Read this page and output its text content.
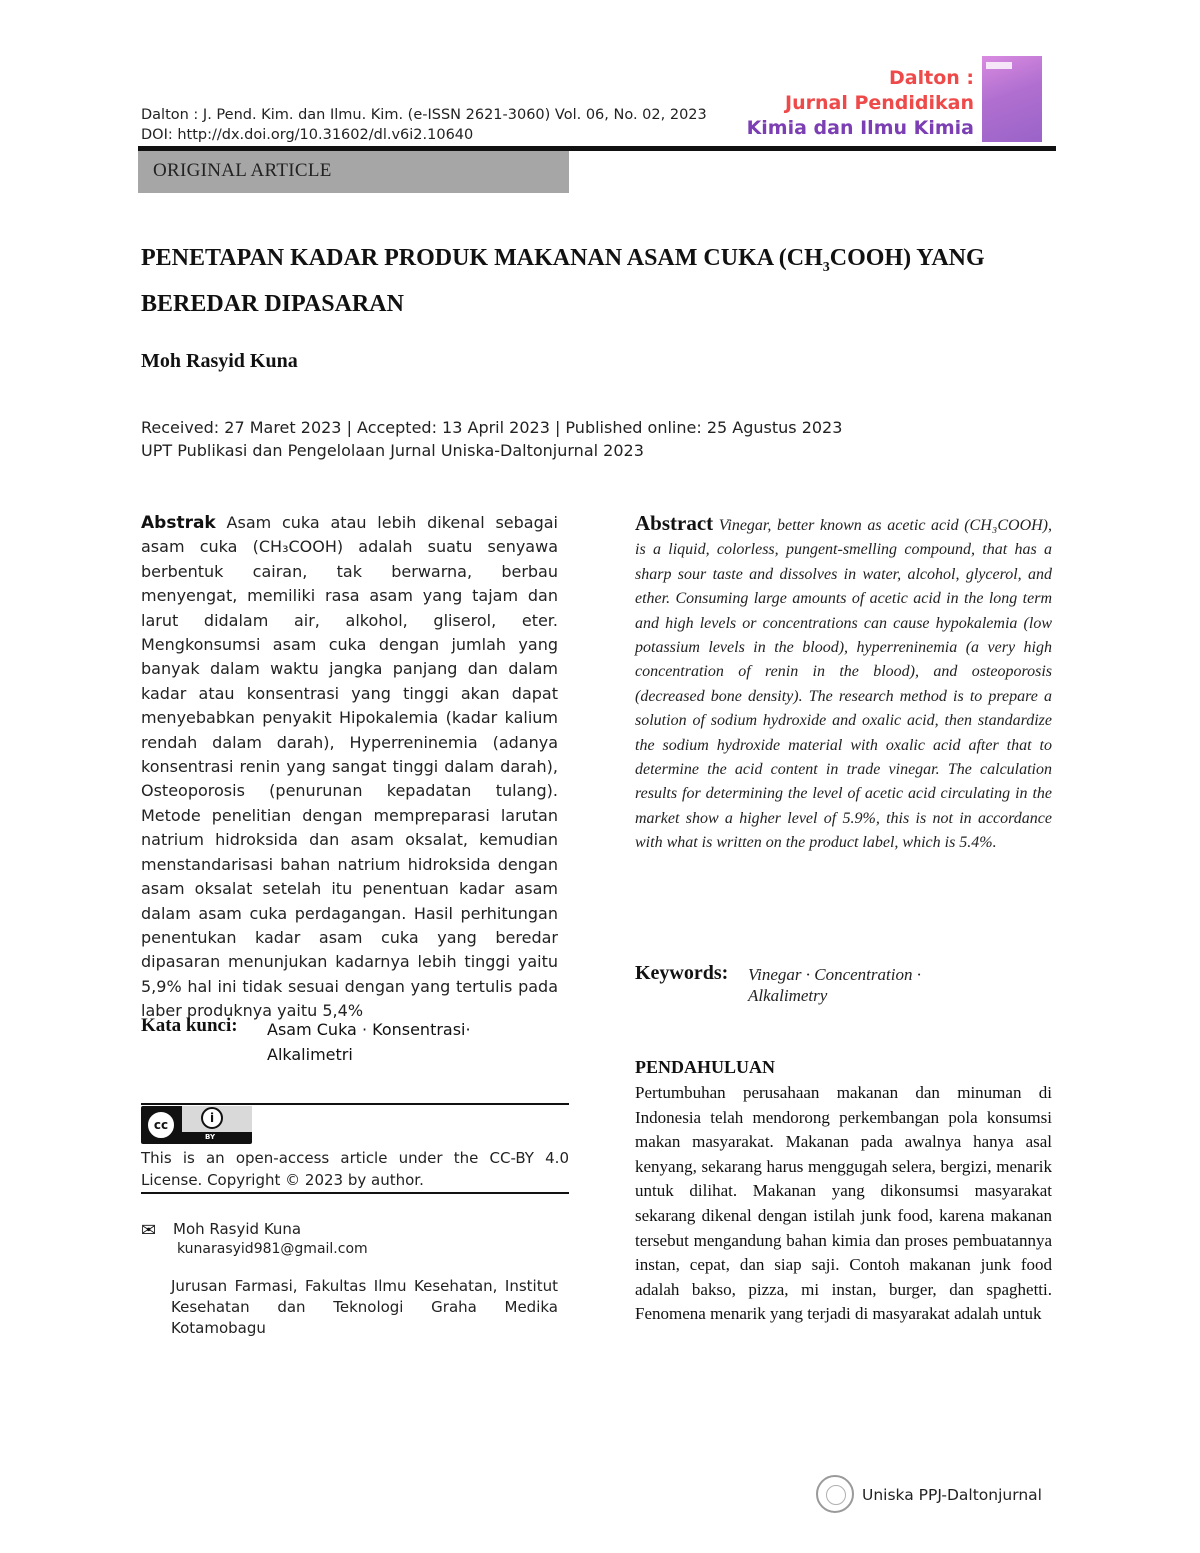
Dalton : J. Pend. Kim. dan Ilmu. Kim. (e-ISSN 2621-3060) Vol. 06, No. 02, 2023
DOI: http://dx.doi.org/10.31602/dl.v6i2.10640
Dalton :
Jurnal Pendidikan
Kimia dan Ilmu Kimia
ORIGINAL ARTICLE
PENETAPAN KADAR PRODUK MAKANAN ASAM CUKA $(CH_3COOH)$ YANG BEREDAR DIPASARAN
Moh Rasyid Kuna
Received: 27 Maret 2023 | Accepted: 13 April 2023 | Published online: 25 Agustus 2023
UPT Publikasi dan Pengelolaan Jurnal Uniska-Daltonjurnal 2023
Abstrak Asam cuka atau lebih dikenal sebagai asam cuka (CH₃COOH) adalah suatu senyawa berbentuk cairan, tak berwarna, berbau menyengat, memiliki rasa asam yang tajam dan larut didalam air, alkohol, gliserol, eter. Mengkonsumsi asam cuka dengan jumlah yang banyak dalam waktu jangka panjang dan dalam kadar atau konsentrasi yang tinggi akan dapat menyebabkan penyakit Hipokalemia (kadar kalium rendah dalam darah), Hyperreninemia (adanya konsentrasi renin yang sangat tinggi dalam darah), Osteoporosis (penurunan kepadatan tulang). Metode penelitian dengan mempreparasi larutan natrium hidroksida dan asam oksalat, kemudian menstandarisasi bahan natrium hidroksida dengan asam oksalat setelah itu penentuan kadar asam dalam asam cuka perdagangan. Hasil perhitungan penentukan kadar asam cuka yang beredar dipasaran menunjukan kadarnya lebih tinggi yaitu 5,9% hal ini tidak sesuai dengan yang tertulis pada laber produknya yaitu 5,4%
Kata kunci: Asam Cuka · Konsentrasi·
Alkalimetri
cc	i
BY
This is an open-access article under the CC-BY 4.0 License. Copyright © 2023 by author.
✉ Moh Rasyid Kuna
kunarasyid981@gmail.com
Jurusan Farmasi, Fakultas Ilmu Kesehatan, Institut Kesehatan dan Teknologi Graha Medika Kotamobagu
Abstract Vinegar, better known as acetic acid (CH₃COOH), is a liquid, colorless, pungent-smelling compound, that has a sharp sour taste and dissolves in water, alcohol, glycerol, and ether. Consuming large amounts of acetic acid in the long term and high levels or concentrations can cause hypokalemia (low potassium levels in the blood), hyperreninemia (a very high concentration of renin in the blood), and osteoporosis (decreased bone density). The research method is to prepare a solution of sodium hydroxide and oxalic acid, then standardize the sodium hydroxide material with oxalic acid after that to determine the acid content in trade vinegar. The calculation results for determining the level of acetic acid circulating in the market show a higher level of 5.9%, this is not in accordance with what is written on the product label, which is 5.4%.
Keywords: Vinegar · Concentration ·
Alkalimetry
PENDAHULUAN
Pertumbuhan perusahaan makanan dan minuman di Indonesia telah mendorong perkembangan pola konsumsi makan masyarakat. Makanan pada awalnya hanya asal kenyang, sekarang harus menggugah selera, bergizi, menarik untuk dilihat. Makanan yang dikonsumsi masyarakat sekarang dikenal dengan istilah junk food, karena makanan tersebut mengandung bahan kimia dan proses pembuatannya instan, cepat, dan siap saji. Contoh makanan junk food adalah bakso, pizza, mi instan, burger, dan spaghetti. Fenomena menarik yang terjadi di masyarakat adalah untuk
Uniska PPJ-Daltonjurnal
